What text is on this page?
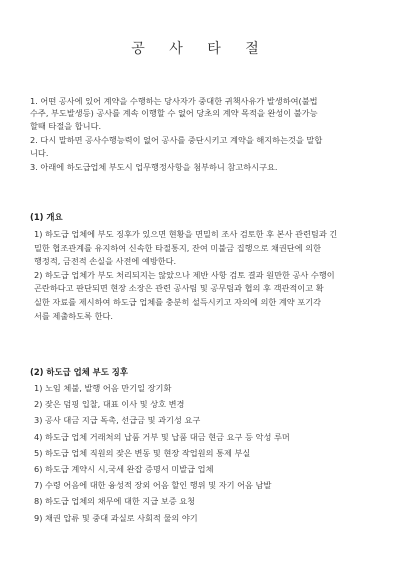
공 사 타 절

1. 어떤 공사에 있어 계약을 수행하는 당사자가 중대한 귀책사유가 발생하여(불법

수주, 부도발생등) 공사를 계속 이행할 수 없어 당초의 계약 목적을 완성이 불가능

할때 타절을 합니다.

2. 다시 말하면 공사수행능력이 없어 공사를 중단시키고 계약을 해지하는것을 말합

니다.

3. 아래에 하도급업체 부도시 업무행정사항을 첨부하니 참고하시구요.

(1) 개요

1) 하도급 업체에 부도 징후가 있으면 현황을 면밀히 조사 검토한 후 본사 관련팀과 긴

밀한 협조관계를 유지하여 신속한 타절통지, 잔여 미불금 집행으로 채권단에 의한

행정적, 금전적 손실을 사전에 예방한다.

2) 하도급 업체가 부도 처리되지는 않았으나 제반 사항 검토 결과 원만한 공사 수행이

곤란하다고 판단되면 현장 소장은 관련 공사팀 및 공무팀과 협의 후 객관적이고 확

실한 자료를 제시하여 하도급 업체를 충분히 설득시키고 자의에 의한 계약 포기각

서를 제출하도록 한다.

(2) 하도급 업체 부도 징후

1) 노임 체불, 발행 어음 만기일 장기화

2) 잦은 덤핑 입찰, 대표 이사 및 상호 변경

3) 공사 대금 지급 독촉, 선급금 및 과기성 요구

4) 하도급 업체 거래처의 납품 거부 및 납품 대금 현금 요구 등 악성 루머

5) 하도급 업체 직원의 잦은 변동 및 현장 작업원의 통제 부실

6) 하도급 계약시 시,국세 완잡 증명서 미발급 업체

7) 수령 어음에 대한 융성적 장외 어음 할인 행위 및 자기 어음 남발

8) 하도급 업체의 채무에 대한 지급 보증 요청

9) 채권 압류 및 중대 과실로 사회적 물의 야기
